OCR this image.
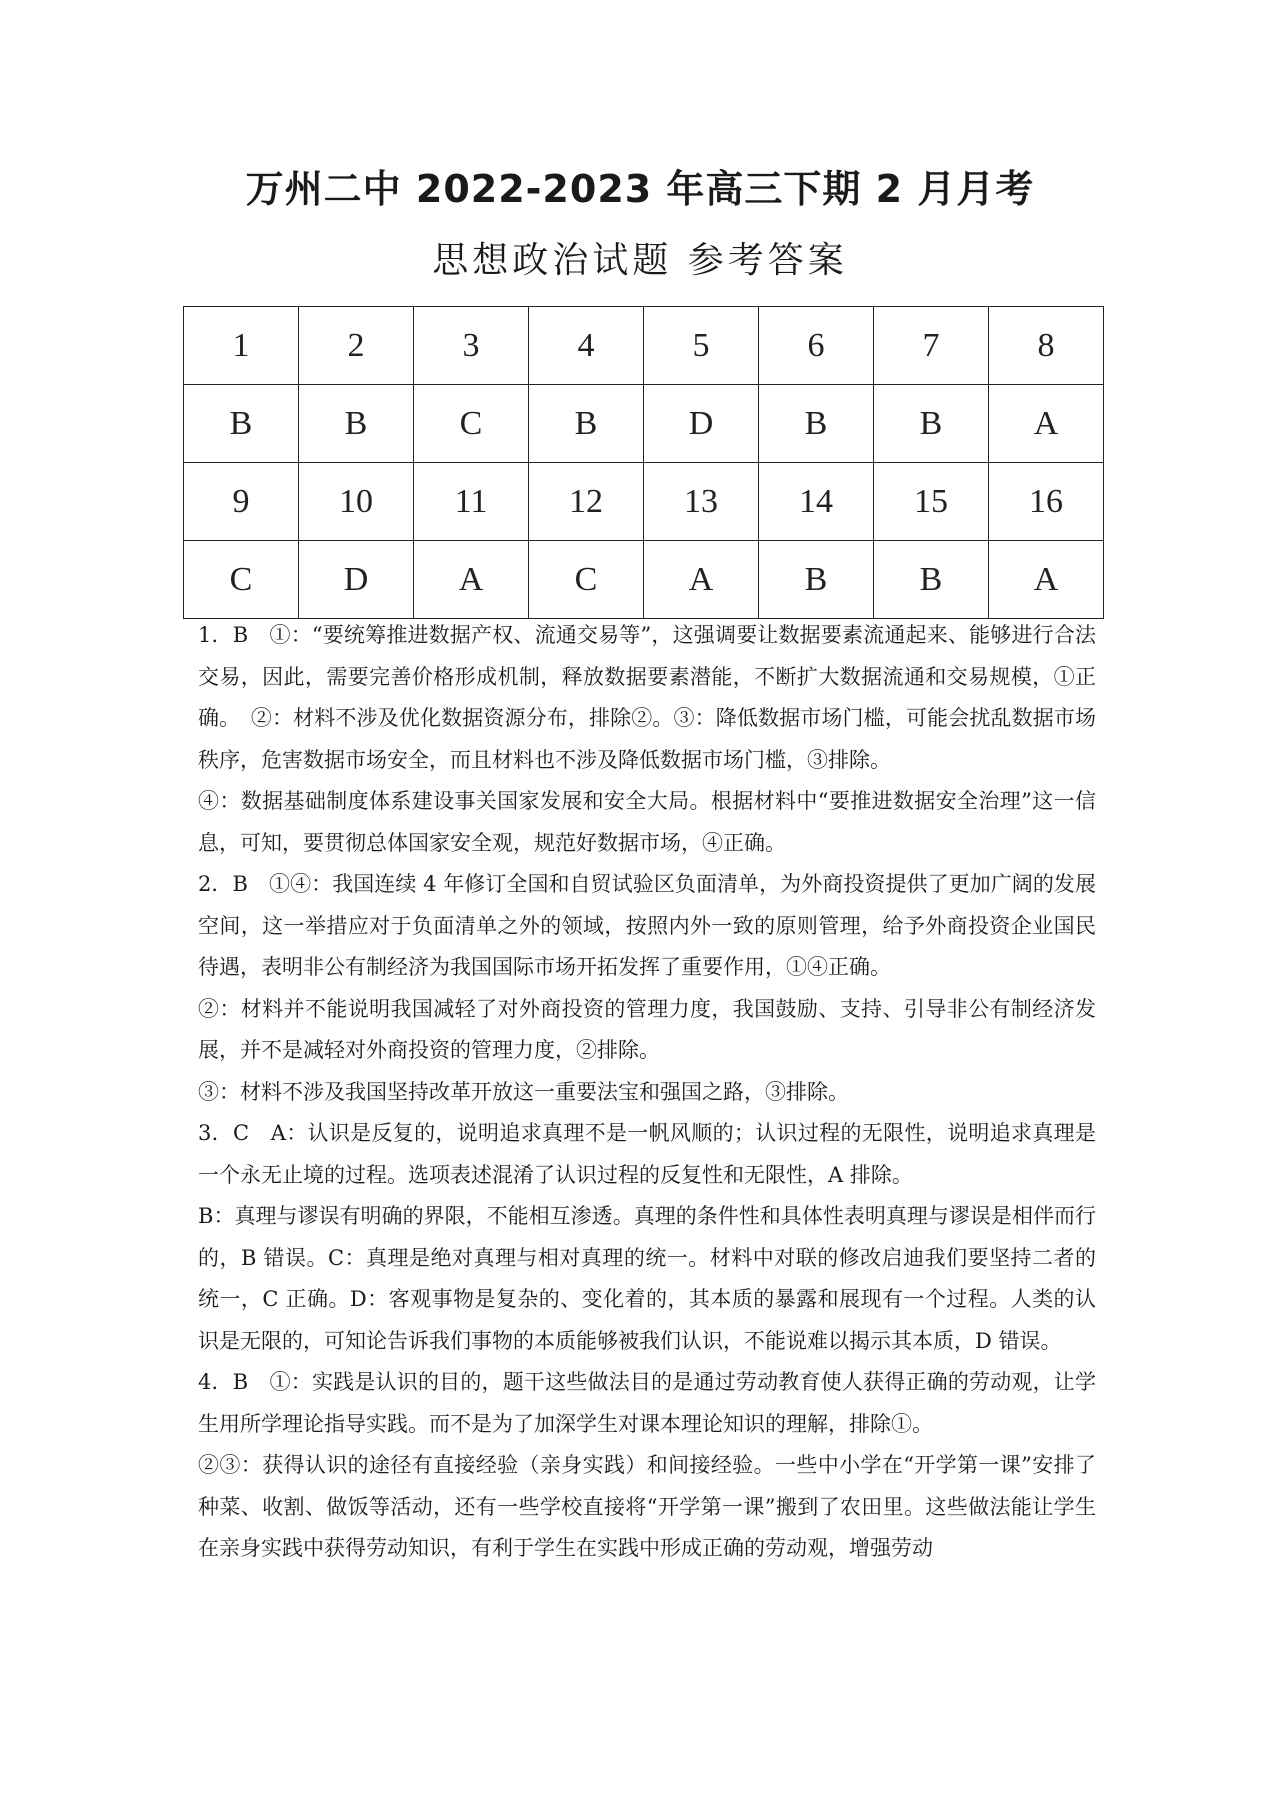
万州二中 2022-2023 年高三下期 2 月月考
思想政治试题 参考答案
1	2	3	4	5	6	7	8
B	B	C	B	D	B	B	A
9	10	11	12	13	14	15	16
C	D	A	C	A	B	B	A

1．B　①：“要统筹推进数据产权、流通交易等”，这强调要让数据要素流通起来、能够进行合法交易，因此，需要完善价格形成机制，释放数据要素潜能，不断扩大数据流通和交易规模，①正确。　②：材料不涉及优化数据资源分布，排除②。③：降低数据市场门槛，可能会扰乱数据市场秩序，危害数据市场安全，而且材料也不涉及降低数据市场门槛，③排除。

④：数据基础制度体系建设事关国家发展和安全大局。根据材料中“要推进数据安全治理”这一信息，可知，要贯彻总体国家安全观，规范好数据市场，④正确。

2．B　①④：我国连续 4 年修订全国和自贸试验区负面清单，为外商投资提供了更加广阔的发展空间，这一举措应对于负面清单之外的领域，按照内外一致的原则管理，给予外商投资企业国民待遇，表明非公有制经济为我国国际市场开拓发挥了重要作用，①④正确。

②：材料并不能说明我国减轻了对外商投资的管理力度，我国鼓励、支持、引导非公有制经济发展，并不是减轻对外商投资的管理力度，②排除。

③：材料不涉及我国坚持改革开放这一重要法宝和强国之路，③排除。

3．C　A：认识是反复的，说明追求真理不是一帆风顺的；认识过程的无限性，说明追求真理是一个永无止境的过程。选项表述混淆了认识过程的反复性和无限性，A 排除。

B：真理与谬误有明确的界限，不能相互渗透。真理的条件性和具体性表明真理与谬误是相伴而行的，B 错误。C：真理是绝对真理与相对真理的统一。材料中对联的修改启迪我们要坚持二者的统一，C 正确。D：客观事物是复杂的、变化着的，其本质的暴露和展现有一个过程。人类的认识是无限的，可知论告诉我们事物的本质能够被我们认识，不能说难以揭示其本质，D 错误。

4．B　①：实践是认识的目的，题干这些做法目的是通过劳动教育使人获得正确的劳动观，让学生用所学理论指导实践。而不是为了加深学生对课本理论知识的理解，排除①。

②③：获得认识的途径有直接经验（亲身实践）和间接经验。一些中小学在“开学第一课”安排了种菜、收割、做饭等活动，还有一些学校直接将“开学第一课”搬到了农田里。这些做法能让学生在亲身实践中获得劳动知识，有利于学生在实践中形成正确的劳动观，增强劳动
